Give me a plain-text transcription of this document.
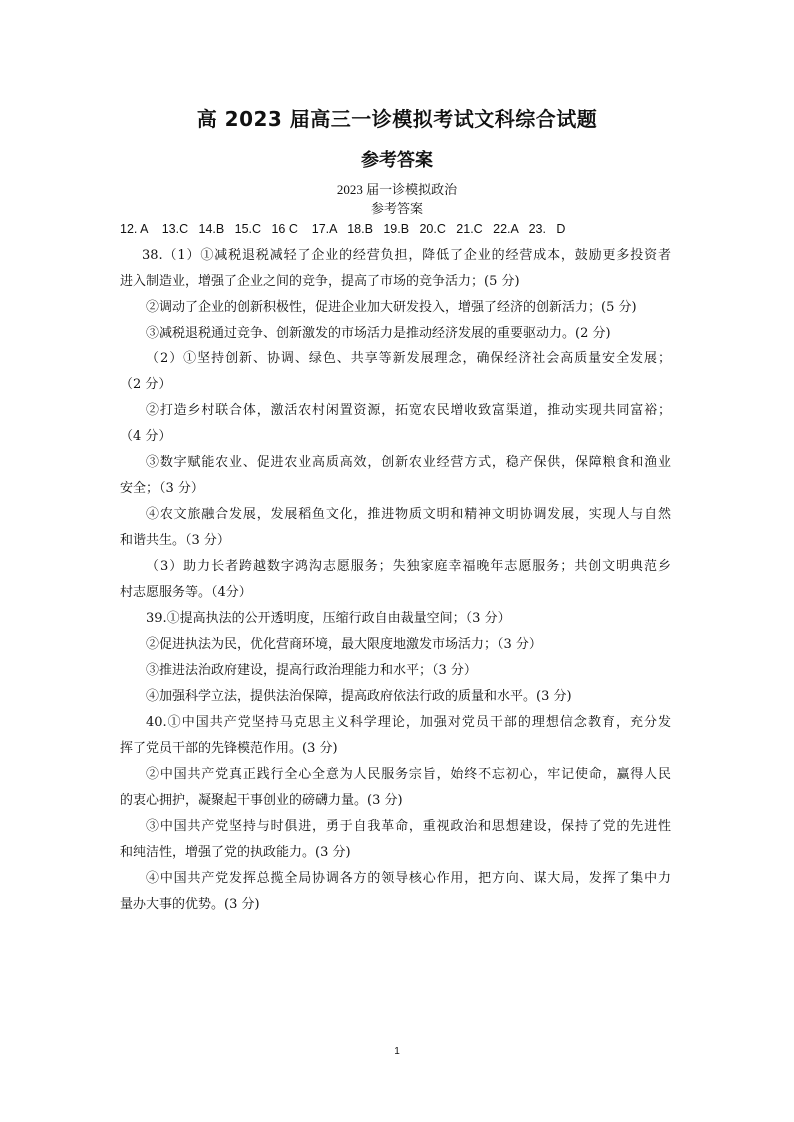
高 2023 届高三一诊模拟考试文科综合试题
参考答案
2023 届一诊模拟政治
参考答案
12. A    13.C   14.B   15.C   16 C    17.A   18.B   19.B   20.C   21.C   22.A   23.   D
38.（1）①减税退税减轻了企业的经营负担，降低了企业的经营成本，鼓励更多投资者
进入制造业，增强了企业之间的竞争，提高了市场的竞争活力；(5 分)
②调动了企业的创新积极性，促进企业加大研发投入，增强了经济的创新活力；(5 分)
③减税退税通过竞争、创新激发的市场活力是推动经济发展的重要驱动力。(2 分)
（2）①坚持创新、协调、绿色、共享等新发展理念，确保经济社会高质量安全发展；
（2 分）
②打造乡村联合体，激活农村闲置资源，拓宽农民增收致富渠道，推动实现共同富裕；
（4 分）
③数字赋能农业、促进农业高质高效，创新农业经营方式，稳产保供，保障粮食和渔业
安全；（3 分）
④农文旅融合发展，发展稻鱼文化，推进物质文明和精神文明协调发展，实现人与自然
和谐共生。（3 分）
（3）助力长者跨越数字鸿沟志愿服务；失独家庭幸福晚年志愿服务；共创文明典范乡
村志愿服务等。（4分）
39.①提高执法的公开透明度，压缩行政自由裁量空间；（3 分）
②促进执法为民，优化营商环境，最大限度地激发市场活力；（3 分）
③推进法治政府建设，提高行政治理能力和水平；（3 分）
④加强科学立法，提供法治保障，提高政府依法行政的质量和水平。(3 分)
40.①中国共产党坚持马克思主义科学理论，加强对党员干部的理想信念教育，充分发
挥了党员干部的先锋模范作用。(3 分)
②中国共产党真正践行全心全意为人民服务宗旨，始终不忘初心，牢记使命，赢得人民
的衷心拥护，凝聚起干事创业的磅礴力量。(3 分)
③中国共产党坚持与时俱进，勇于自我革命，重视政治和思想建设，保持了党的先进性
和纯洁性，增强了党的执政能力。(3 分)
④中国共产党发挥总揽全局协调各方的领导核心作用，把方向、谋大局，发挥了集中力
量办大事的优势。(3 分)
1
